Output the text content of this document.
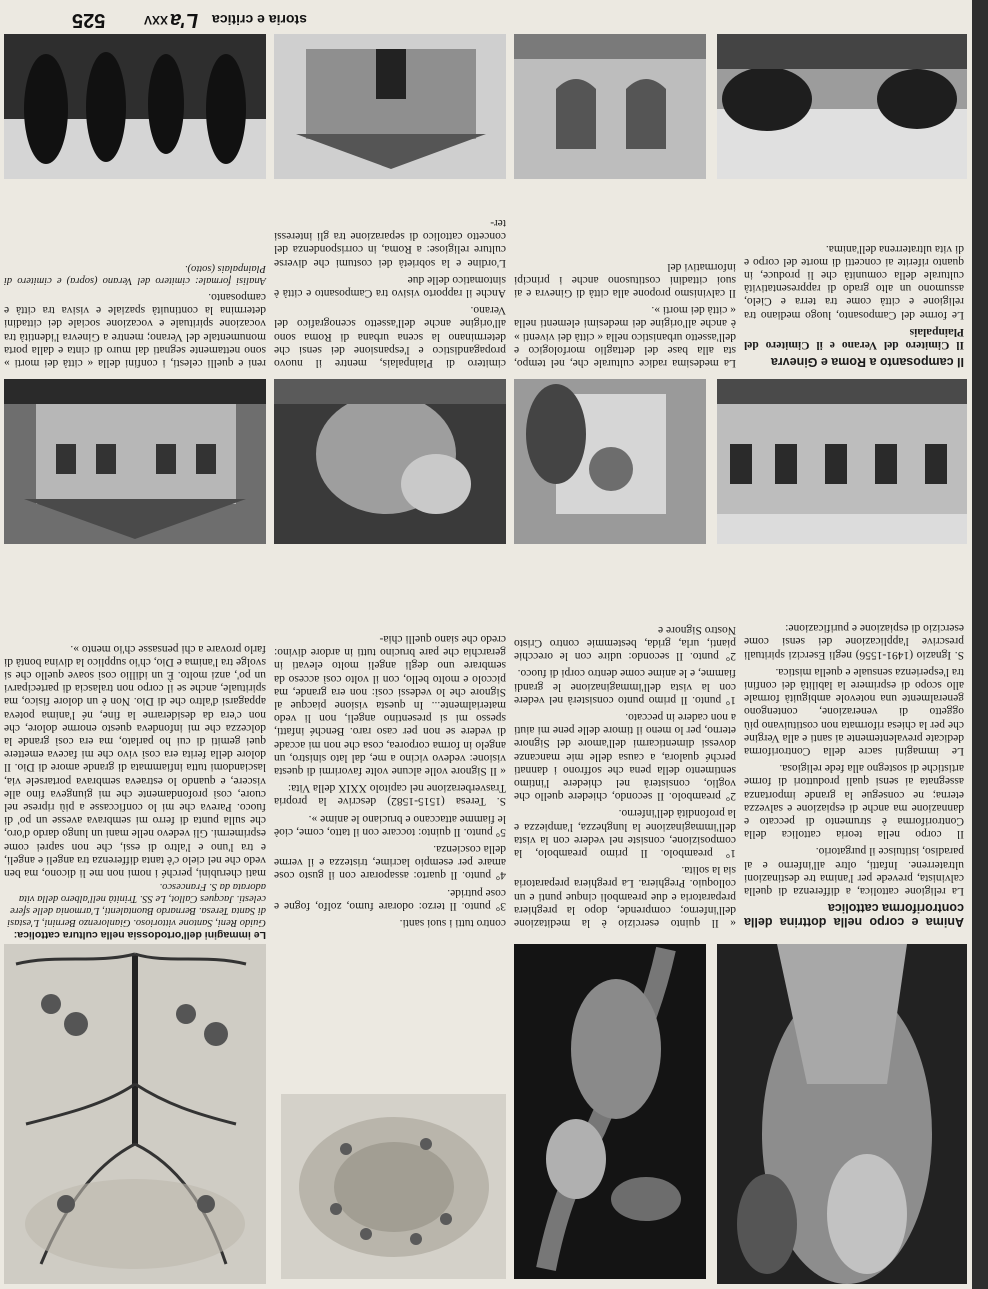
525	XXV L'a storia e critica
Le immagini dell'ortodossia nella cultura cattolica: Guido Reni, Santone vittorioso. Gianlorenzo Bernini, L'estasi di Santa Teresa. Bernardo Buontalenti, L'armonia delle sfere celesti. Jacques Callot, Le SS. Trinità nell'albero della vita adorata da S. Francesco.

mati cherubini, perché i nomi non me li dicono, ma ben vedo che nel cielo c'è tanta differenza tra angeli e angeli, e tra l'uno e l'altro di essi, che non saprei come esprimermi. Gli vedevo nelle mani un lungo dardo d'oro, che sulla punta di ferro mi sembrava avesse un po' di fuoco. Pareva che mi lo conficcasse a più riprese nel cuore, così profondamente che mi giungeva fino alle viscere, e quando lo estraeva sembrava portarsele via, lasciandomi tutta infiammata di grande amore di Dio. Il dolore della ferita era così vivo che mi faceva emettere quei gemiti di cui ho parlato, ma era così grande la dolcezza che mi infondeva questo enorme dolore, che non c'era da desiderarne la fine, né l'anima poteva appagarsi d'altro che di Dio. Non è un dolore fisico, ma spirituale, anche se il corpo non tralascia di parteciparvi un po', anzi molto. È un idillio così soave quello che si svolge tra l'anima e Dio, ch'io supplico la divina bontà di farlo provare a chi pensasse ch'io mento ».

contro tutti i suoi santi.

3° punto. Il terzo: odorare fumo, zolfo, fogne e cose putride.

4° punto. Il quarto: assaporare con il gusto cose amare per esempio lacrime, tristezza e il verme della coscienza.

5° punto. Il quinto: toccare con il tatto, come, cioè le fiamme attaccano e bruciano le anime ».

S. Teresa (1515-1582) descrive la propria Trasverberazione nel capitolo XXIX della Vita:

« Il Signore volle alcune volte favorirmi di questa visione: vedevo vicino a me, dal lato sinistro, un angelo in forma corporea, cosa che non mi accade di vedere se non per caso raro. Benché infatti, spesso mi si presentino angeli, non li vedo materialmente... In questa visione piacque al Signore che lo vedessi così: non era grande, ma piccolo e molto bello, con il volto così acceso da sembrare uno degli angeli molto elevati in gerarchia che pare brucino tutti in ardore divino: credo che siano quelli chia-

« Il quinto esercizio è la meditazione dell'inferno; comprende, dopo la preghiera preparatoria e due preamboli cinque punti e un colloquio. Preghiera. La preghiera preparatoria sia la solita.

1° preambolo. Il primo preambolo, la composizione, consiste nel vedere con la vista dell'immaginazione la lunghezza, l'ampiezza e la profondità dell'inferno.

2° preambolo. Il secondo, chiedere quello che voglio, consisterà nel chiedere l'intimo sentimento della pena che soffrono i dannati perché qualora, a causa delle mie mancanze dovessi dimenticarmi dell'amore del Signore eterno, per lo meno il timore delle pene mi aiuti a non cadere in peccato.

1° punto. Il primo punto consisterà nel vedere con la vista dell'immaginazione le grandi fiamme, e le anime come dentro corpi di fuoco.

2° punto. Il secondo: udire con le orecchie pianti, urla, grida, bestemmie contro Cristo Nostro Signore e

Anima e corpo nella dottrina della controriforma cattolica

La religione cattolica, a differenza di quella calvinista, prevede per l'anima tre destinazioni ultraterrene. Infatti, oltre all'inferno e al paradiso, istituisce il purgatorio.

Il corpo nella teoria cattolica della Controriforma è strumento di peccato e dannazione ma anche di espiazione e salvezza eterna; ne consegue la grande importanza assegnata ai sensi quali produttori di forme artistiche di sostegno alla fede religiosa.

Le immagini sacre della Controriforma dedicate prevalentemente ai santi e alla Vergine che per la chiesa riformata non costituivano più oggetto di venerazione, contengono generalmente una notevole ambiguità formale allo scopo di esprimere la labilità dei confini tra l'esperienza sensuale e quella mistica.

S. Ignazio (1491-1556) negli Esercizi spirituali prescrive l'applicazione dei sensi come esercizio di espiazione e purificazione:

reni e quelli celesti, i confini della « città dei morti » sono nettamente segnati dal muro di cinta e dalla porta monumentale del Verano; mentre a Ginevra l'identità tra vocazione spirituale e vocazione sociale dei cittadini determina la continuità spaziale e visiva tra città e camposanto.

Analisi formale: cimitero del Verano (sopra) e cimitero di Plainpalais (sotto).

cimitero di Plainpalais, mentre il nuovo propagandistico e l'espansione dei sensi che determinano la scena urbana di Roma sono all'origine anche dell'assetto scenografico del Verano.

Anche il rapporto visivo tra Camposanto e città è sintomatico delle due

L'ordine e la sobrietà dei costumi che diverse culture religiose: a Roma, in corrispondenza del concetto cattolico di separazione tra gli interessi ter-

La medesima radice culturale che, nel tempo, sta alla base del dettaglio morfologico e dell'assetto urbanistico nella « città dei viventi » è anche all'origine dei medesimi elementi nella « città dei morti ».

Il calvinismo propone alla città di Ginevra e ai suoi cittadini costitusono anche i principi informativi del

Il camposanto a Roma e Ginevra

Il Cimitero del Verano e il Cimitero del Plainpalais

Le forme del Camposanto, luogo mediano tra religione e città come tra terra e Cielo, assumono un alto grado di rappresentatività culturale della comunità che li produce, in quanto riferite ai concetti di morte del corpo e di vita ultraterrena dell'anima.
